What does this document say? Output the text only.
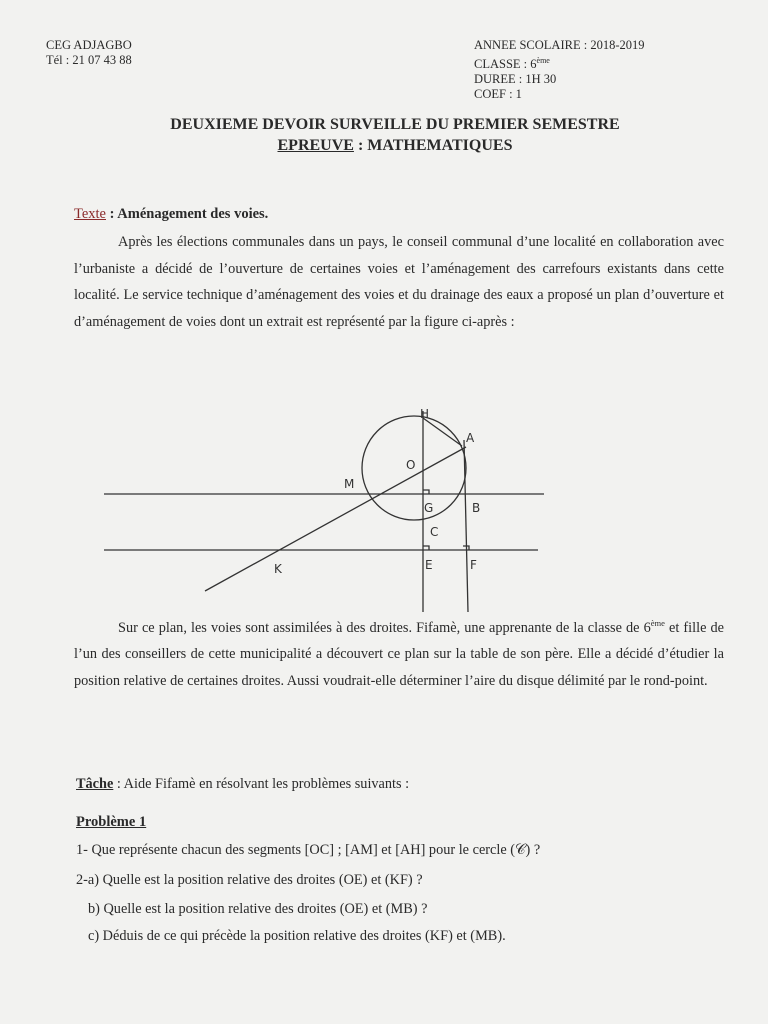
CEG ADJAGBO
Tél : 21 07 43 88
ANNEE SCOLAIRE : 2018-2019
CLASSE : 6ème
DUREE : 1H 30
COEF : 1
DEUXIEME DEVOIR SURVEILLE DU PREMIER SEMESTRE
EPREUVE : MATHEMATIQUES
Texte : Aménagement des voies.
Après les élections communales dans un pays, le conseil communal d’une localité en collaboration avec l’urbaniste a décidé de l’ouverture de certaines voies et l’aménagement des carrefours existants dans cette localité. Le service technique d’aménagement des voies et du drainage des eaux a proposé un plan d’ouverture et d’aménagement de voies dont un extrait est représenté par la figure ci-après :
H
A
O
M
G	B
C
K	E	F
Sur ce plan, les voies sont assimilées à des droites. Fifamè, une apprenante de la classe de 6ème et fille de l’un des conseillers de cette municipalité a découvert ce plan sur la table de son père. Elle a décidé d’étudier la position relative de certaines droites. Aussi voudrait-elle déterminer l’aire du disque délimité par le rond-point.
Tâche : Aide Fifamè en résolvant les problèmes suivants :
Problème 1
1- Que représente chacun des segments [OC] ; [AM] et [AH] pour le cercle (𝒞) ?
2-a) Quelle est la position relative des droites (OE) et (KF) ?
b) Quelle est la position relative des droites (OE) et (MB) ?
c) Déduis de ce qui précède la position relative des droites (KF) et (MB).
